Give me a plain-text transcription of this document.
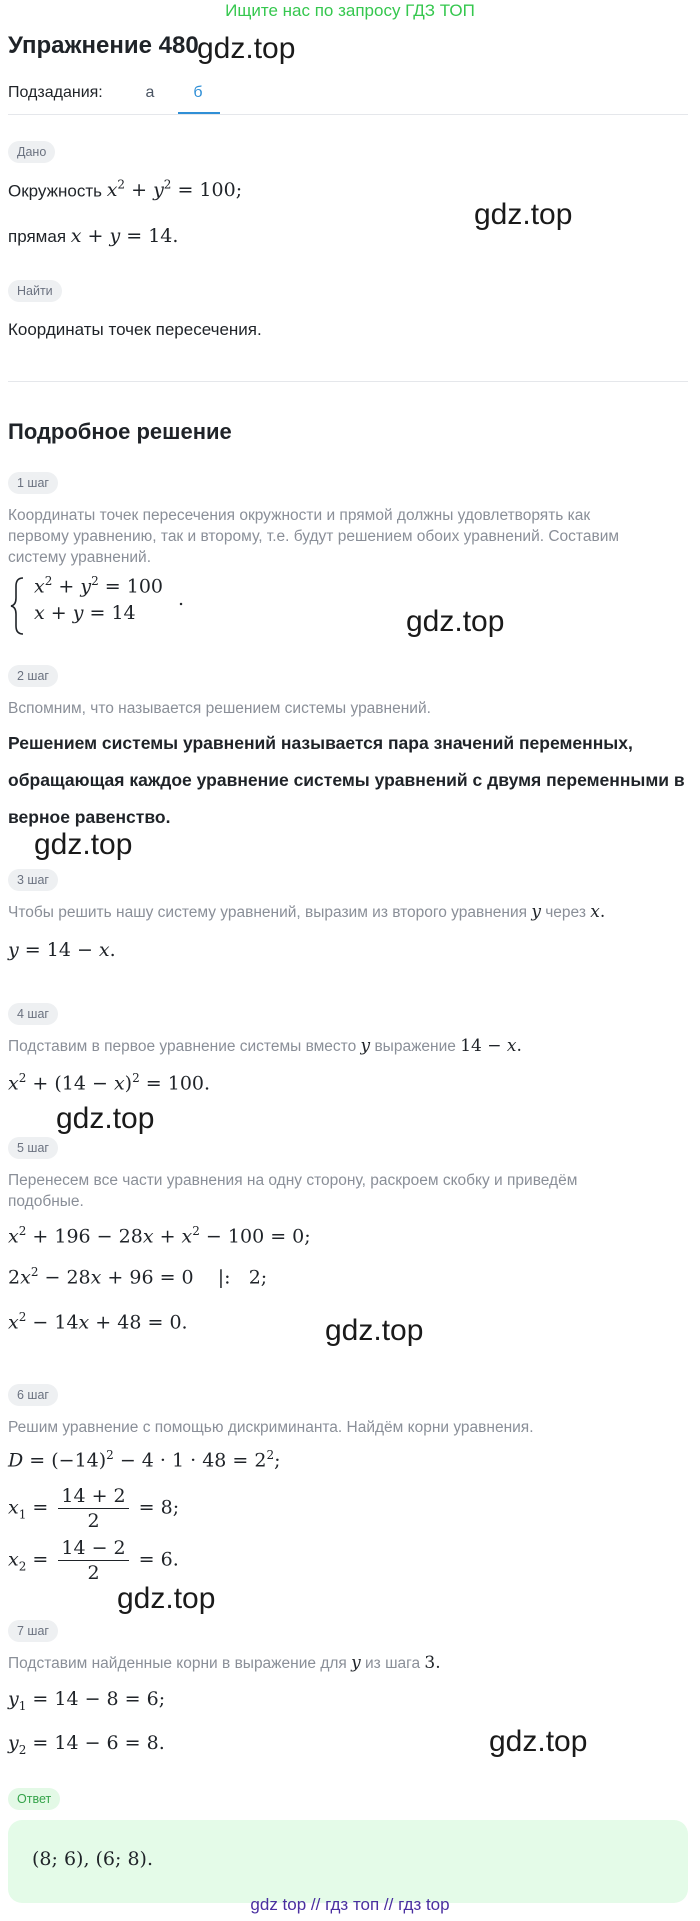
Ищите нас по запросу ГДЗ ТОП
Упражнение 480
gdz.top
gdz.top
gdz.top
gdz.top
gdz.top
gdz.top
gdz.top
gdz.top
Подзадания:	а	б
Дано
Окружность $x^2 + y^2 = 100$;
прямая x + y = 14.
Найти
Координаты точек пересечения.
Подробное решение
1 шаг
Координаты точек пересечения окружности и прямой должны удовлетворять как первому уравнению, так и второму, т.е. будут решением обоих уравнений. Составим систему уравнений.
$x^2 + y^2 = 100$
x + y = 14
.
2 шаг
Вспомним, что называется решением системы уравнений.
Решением системы уравнений называется пара значений переменных, обращающая каждое уравнение системы уравнений с двумя переменными в верное равенство.
3 шаг
Чтобы решить нашу систему уравнений, выразим из второго уравнения y через x.
y = 14 − x.
4 шаг
Подставим в первое уравнение системы вместо y выражение 14 − x.
$x^2 + (14 - x)^2 = 100$.
5 шаг
Перенесем все части уравнения на одну сторону, раскроем скобку и приведём подобные.
$x^2 + 196 - 28x + x^2 - 100 = 0$;
$2x^2 - 28x + 96 = 0$    |:   2;
$x^2 - 14x + 48 = 0$.
6 шаг
Решим уравнение с помощью дискриминанта. Найдём корни уравнения.
$D = (-14)^2 - 4 \cdot 1 \cdot 48 = 2^2$;
$x_1 = \frac{14 + 2}{2} = 8$;
$x_2 = \frac{14 - 2}{2} = 6$.
7 шаг
Подставим найденные корни в выражение для y из шага 3.
$y_1 = 14 - 8 = 6$;
$y_2 = 14 - 6 = 8$.
Ответ
(8; 6), (6; 8).
gdz top // гдз топ // гдз top
